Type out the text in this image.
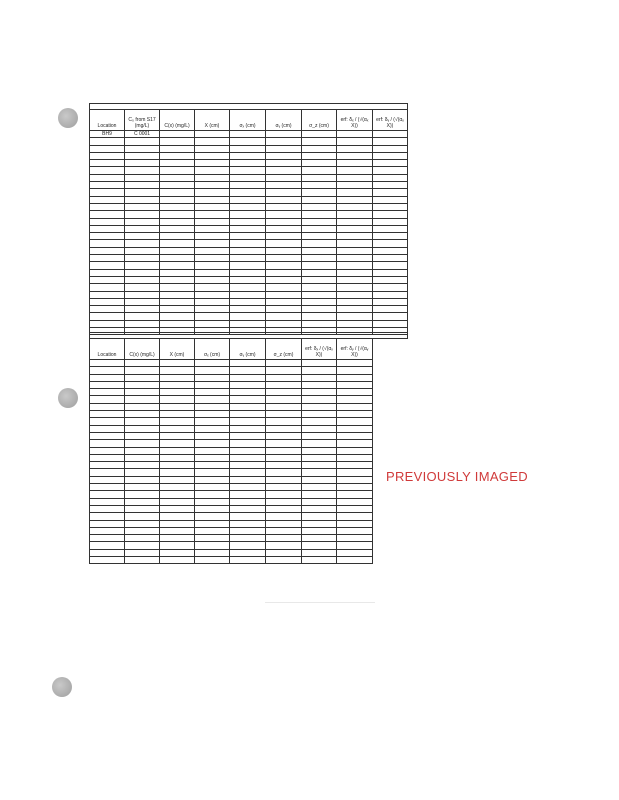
Location	C₀ from S17 (mg/L)	C(x) (mg/L)	X (cm)	σₓ (cm)	σᵧ (cm)	σ_z (cm)	erf: δₓ / (√(αₓ X))	erf: δᵧ / (√(αᵧ X))
BH9	C 0001							

Location	C(x) (mg/L)	X (cm)	σₓ (cm)	σᵧ (cm)	σ_z (cm)	erf: δₓ / (√(αₓ X))	erf: δᵧ / (√(αᵧ X))	

PREVIOUSLY IMAGED
